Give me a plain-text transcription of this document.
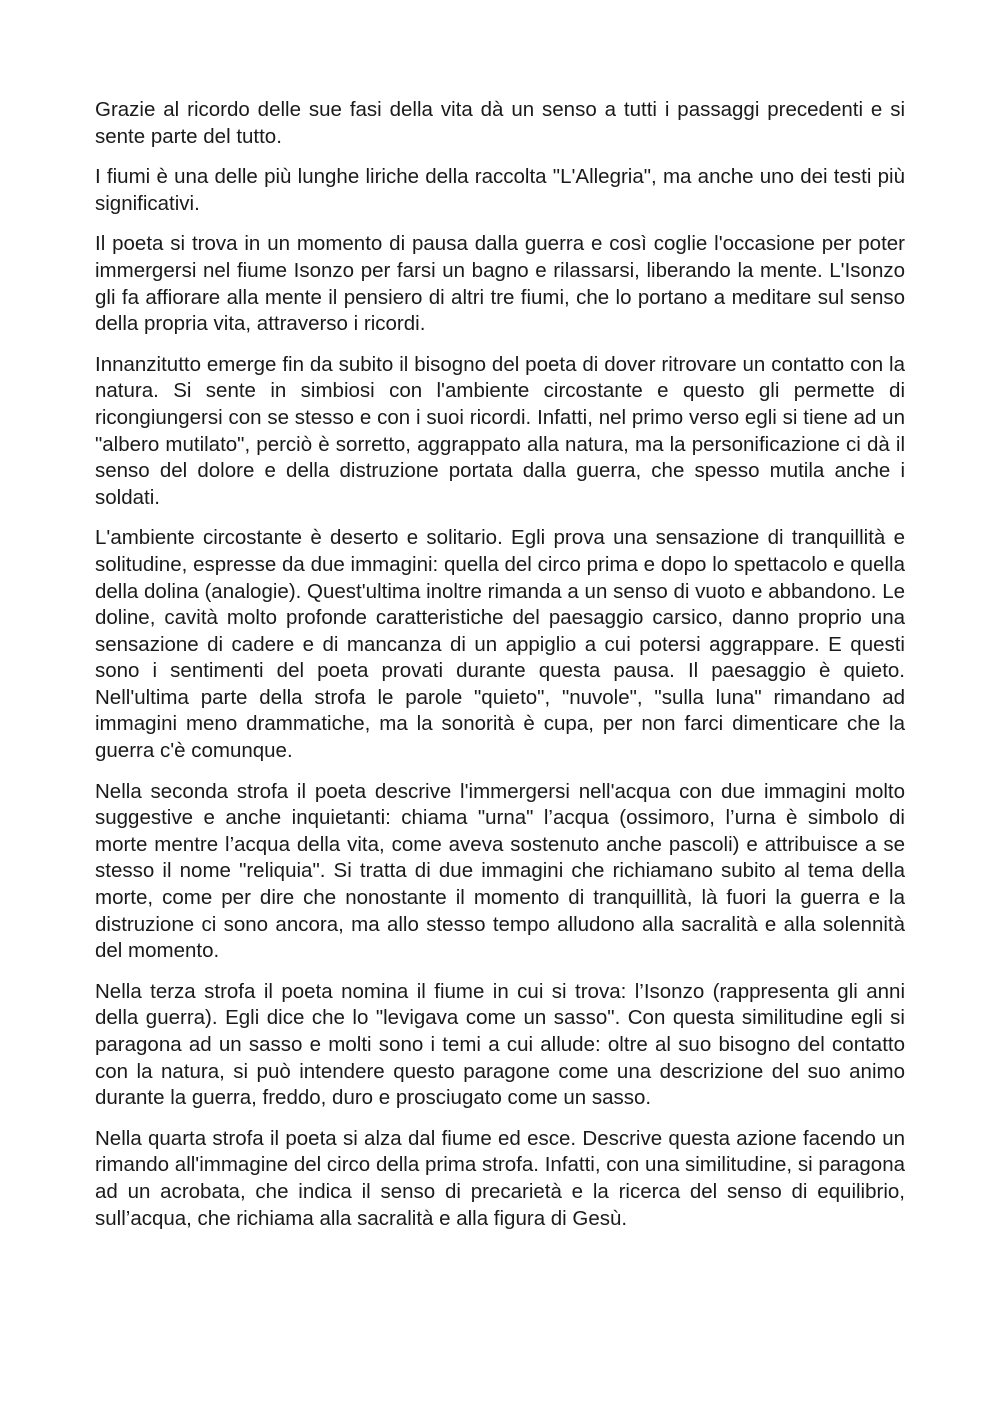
Grazie al ricordo delle sue fasi della vita dà un senso a tutti i passaggi precedenti e si sente parte del tutto.

I fiumi è una delle più lunghe liriche della raccolta "L'Allegria", ma anche uno dei testi più significativi.

Il poeta si trova in un momento di pausa dalla guerra e così coglie l'occasione per poter immergersi nel fiume Isonzo per farsi un bagno e rilassarsi, liberando la mente. L'Isonzo gli fa affiorare alla mente il pensiero di altri tre fiumi, che lo portano a meditare sul senso della propria vita, attraverso i ricordi.

Innanzitutto emerge fin da subito il bisogno del poeta di dover ritrovare un contatto con la natura. Si sente in simbiosi con l'ambiente circostante e questo gli permette di ricongiungersi con se stesso e con i suoi ricordi. Infatti, nel primo verso egli si tiene ad un "albero mutilato", perciò è sorretto, aggrappato alla natura, ma la personificazione ci dà il senso del dolore e della distruzione portata dalla guerra, che spesso mutila anche i soldati.

L'ambiente circostante è deserto e solitario. Egli prova una sensazione di tranquillità e solitudine, espresse da due immagini: quella del circo prima e dopo lo spettacolo e quella della dolina (analogie). Quest'ultima inoltre rimanda a un senso di vuoto e abbandono. Le doline, cavità molto profonde caratteristiche del paesaggio carsico, danno proprio una sensazione di cadere e di mancanza di un appiglio a cui potersi aggrappare. E questi sono i sentimenti del poeta provati durante questa pausa. Il paesaggio è quieto. Nell'ultima parte della strofa le parole "quieto", "nuvole", "sulla luna" rimandano ad immagini meno drammatiche, ma la sonorità è cupa, per non farci dimenticare che la guerra c'è comunque.

Nella seconda strofa il poeta descrive l'immergersi nell'acqua con due immagini molto suggestive e anche inquietanti: chiama "urna" l’acqua (ossimoro, l’urna è simbolo di morte mentre l’acqua della vita, come aveva sostenuto anche pascoli) e attribuisce a se stesso il nome "reliquia". Si tratta di due immagini che richiamano subito al tema della morte, come per dire che nonostante il momento di tranquillità, là fuori la guerra e la distruzione ci sono ancora, ma allo stesso tempo alludono alla sacralità e alla solennità del momento.

Nella terza strofa il poeta nomina il fiume in cui si trova: l’Isonzo (rappresenta gli anni della guerra). Egli dice che lo "levigava come un sasso". Con questa similitudine egli si paragona ad un sasso e molti sono i temi a cui allude: oltre al suo bisogno del contatto con la natura, si può intendere questo paragone come una descrizione del suo animo durante la guerra, freddo, duro e prosciugato come un sasso.

Nella quarta strofa il poeta si alza dal fiume ed esce. Descrive questa azione facendo un rimando all'immagine del circo della prima strofa. Infatti, con una similitudine, si paragona ad un acrobata, che indica il senso di precarietà e la ricerca del senso di equilibrio, sull’acqua, che richiama alla sacralità e alla figura di Gesù.
